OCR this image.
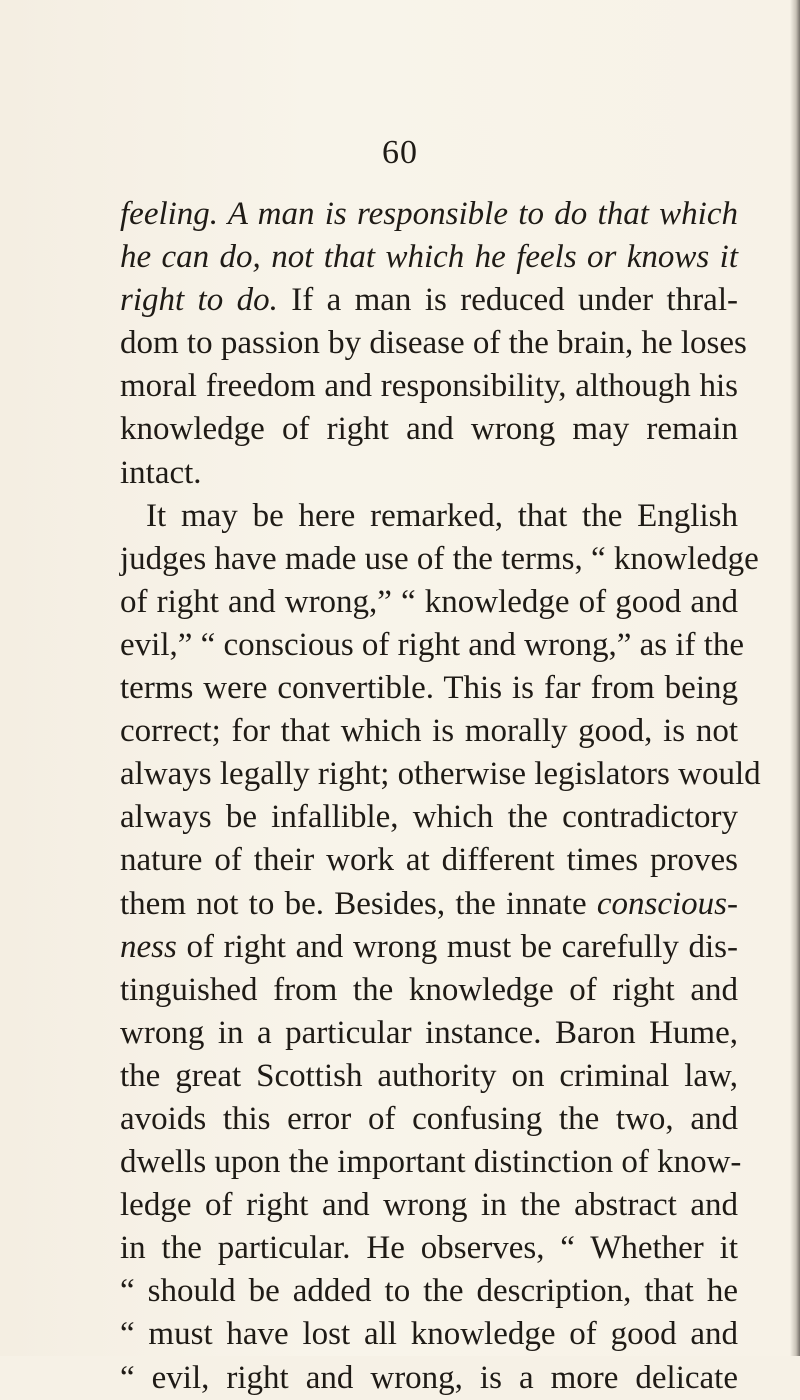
60
feeling. A man is responsible to do that which
he can do, not that which he feels or knows it
right to do. If a man is reduced under thral-
dom to passion by disease of the brain, he loses
moral freedom and responsibility, although his
knowledge of right and wrong may remain
intact.
It may be here remarked, that the English
judges have made use of the terms, “ knowledge
of right and wrong,” “ knowledge of good and
evil,” “ conscious of right and wrong,” as if the
terms were convertible. This is far from being
correct; for that which is morally good, is not
always legally right; otherwise legislators would
always be infallible, which the contradictory
nature of their work at different times proves
them not to be. Besides, the innate conscious-
ness of right and wrong must be carefully dis-
tinguished from the knowledge of right and
wrong in a particular instance. Baron Hume,
the great Scottish authority on criminal law,
avoids this error of confusing the two, and
dwells upon the important distinction of know-
ledge of right and wrong in the abstract and
in the particular. He observes, “ Whether it
“ should be added to the description, that he
“ must have lost all knowledge of good and
“ evil, right and wrong, is a more delicate
